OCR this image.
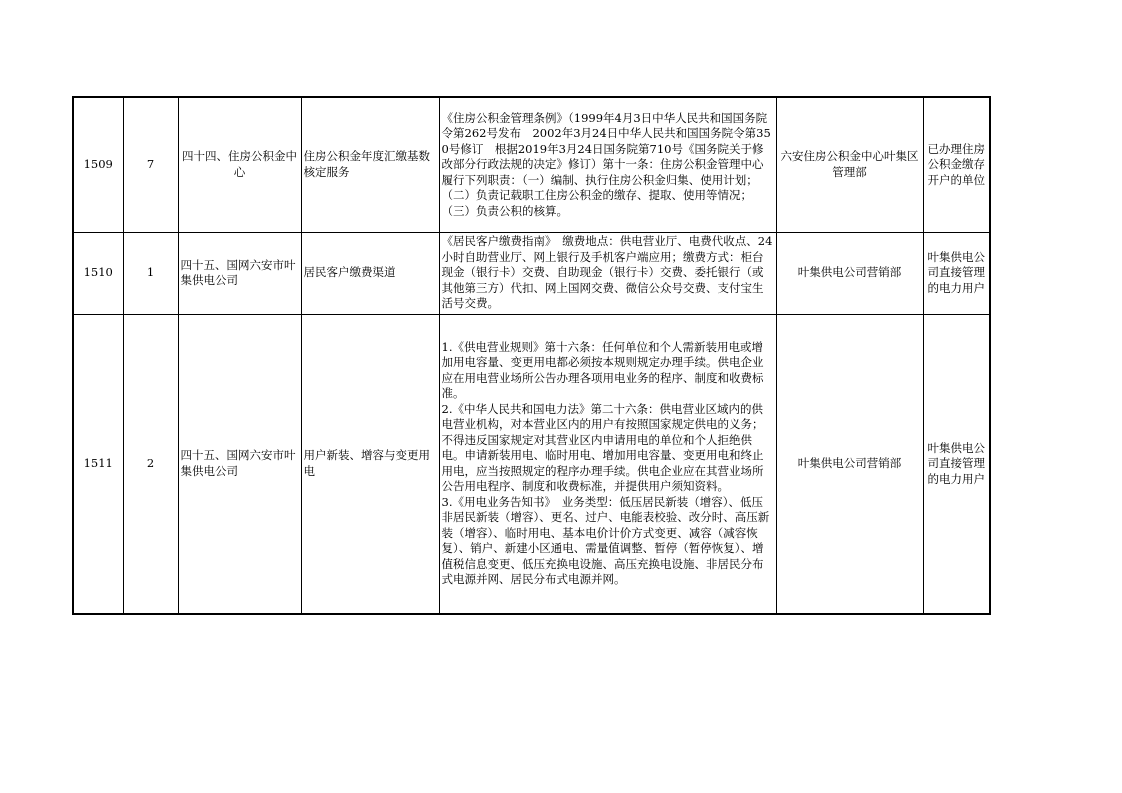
1509	7	四十四、住房公积金中心	住房公积金年度汇缴基数核定服务	《住房公积金管理条例》（1999年4月3日中华人民共和国国务院令第262号发布　2002年3月24日中华人民共和国国务院令第350号修订　根据2019年3月24日国务院第710号《国务院关于修改部分行政法规的决定》修订）第十一条：住房公积金管理中心履行下列职责：（一）编制、执行住房公积金归集、使用计划；（二）负责记载职工住房公积金的缴存、提取、使用等情况；（三）负责公积的核算。	六安住房公积金中心叶集区管理部	已办理住房公积金缴存开户的单位
1510	1	四十五、国网六安市叶集供电公司	居民客户缴费渠道	《居民客户缴费指南》　缴费地点：供电营业厅、电费代收点、24小时自助营业厅、网上银行及手机客户端应用；缴费方式：柜台现金（银行卡）交费、自助现金（银行卡）交费、委托银行（或其他第三方）代扣、网上国网交费、微信公众号交费、支付宝生活号交费。	叶集供电公司营销部	叶集供电公司直接管理的电力用户
1511	2	四十五、国网六安市叶集供电公司	用户新装、增容与变更用电	1.《供电营业规则》第十六条：任何单位和个人需新装用电或增加用电容量、变更用电都必须按本规则规定办理手续。供电企业应在用电营业场所公告办理各项用电业务的程序、制度和收费标准。
2.《中华人民共和国电力法》第二十六条：供电营业区域内的供电营业机构，对本营业区内的用户有按照国家规定供电的义务；不得违反国家规定对其营业区内申请用电的单位和个人拒绝供电。申请新装用电、临时用电、增加用电容量、变更用电和终止用电，应当按照规定的程序办理手续。供电企业应在其营业场所公告用电程序、制度和收费标准，并提供用户须知资料。
3.《用电业务告知书》　业务类型：低压居民新装（增容）、低压非居民新装（增容）、更名、过户、电能表校验、改分时、高压新装（增容）、临时用电、基本电价计价方式变更、减容（减容恢复）、销户、新建小区通电、需量值调整、暂停（暂停恢复）、增值税信息变更、低压充换电设施、高压充换电设施、非居民分布式电源并网、居民分布式电源并网。	叶集供电公司营销部	叶集供电公司直接管理的电力用户
